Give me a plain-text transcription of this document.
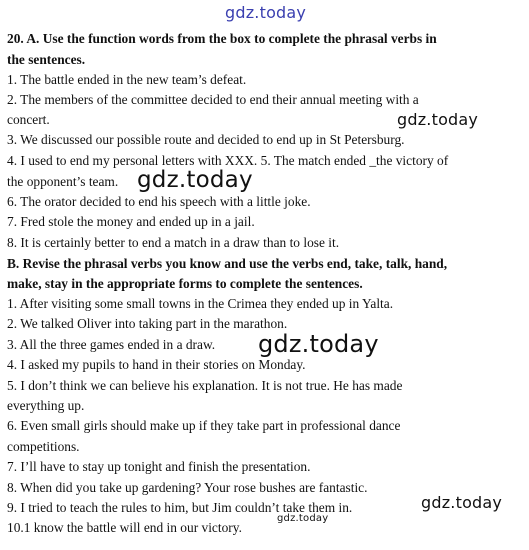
gdz.today
20. A. Use the function words from the box to complete the phrasal verbs in
the sentences.
1. The battle ended in the new team’s defeat.
2. The members of the committee decided to end their annual meeting with a
concert.
3. We discussed our possible route and decided to end up in St Petersburg.
4. I used to end my personal letters with XXX. 5. The match ended _the victory of
the opponent’s team.
6. The orator decided to end his speech with a little joke.
7. Fred stole the money and ended up in a jail.
8. It is certainly better to end a match in a draw than to lose it.
B. Revise the phrasal verbs you know and use the verbs end, take, talk, hand,
make, stay in the appropriate forms to complete the sentences.
1. After visiting some small towns in the Crimea they ended up in Yalta.
2. We talked Oliver into taking part in the marathon.
3. All the three games ended in a draw.
4. I asked my pupils to hand in their stories on Monday.
5. I don’t think we can believe his explanation. It is not true. He has made
everything up.
6. Even small girls should make up if they take part in professional dance
competitions.
7. I’ll have to stay up tonight and finish the presentation.
8. When did you take up gardening? Your rose bushes are fantastic.
9. I tried to teach the rules to him, but Jim couldn’t take them in.
10.1 know the battle will end in our victory.
gdz.today
gdz.today
gdz.today
gdz.today
gdz.today
